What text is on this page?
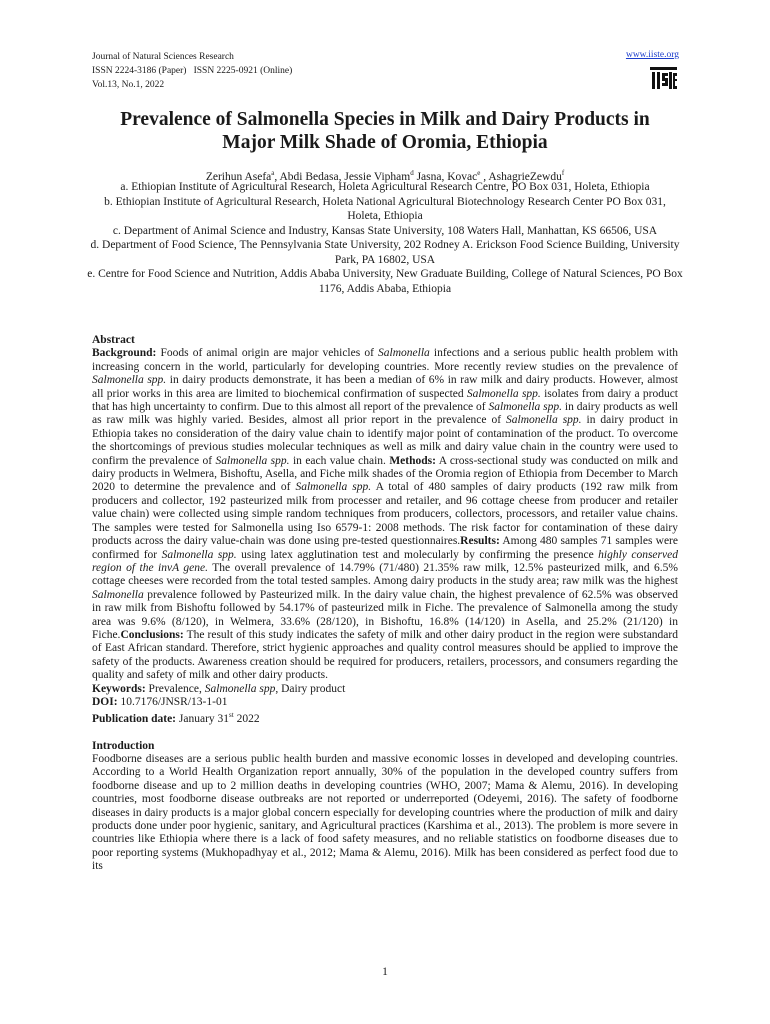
Journal of Natural Sciences Research
ISSN 2224-3186 (Paper)   ISSN 2225-0921 (Online)
Vol.13, No.1, 2022
www.iiste.org
Prevalence of Salmonella Species in Milk and Dairy Products in Major Milk Shade of Oromia, Ethiopia
Zerihun Asefa$^a$, Abdi Bedasa, Jessie Vipham$^d$ Jasna, Kovac$^e$ , AshagrieZewdu$^f$
a. Ethiopian Institute of Agricultural Research, Holeta Agricultural Research Centre, PO Box 031, Holeta, Ethiopia
b. Ethiopian Institute of Agricultural Research, Holeta National Agricultural Biotechnology Research Center PO Box 031, Holeta, Ethiopia
c. Department of Animal Science and Industry, Kansas State University, 108 Waters Hall, Manhattan, KS 66506, USA
d. Department of Food Science, The Pennsylvania State University, 202 Rodney A. Erickson Food Science Building, University Park, PA 16802, USA
e. Centre for Food Science and Nutrition, Addis Ababa University, New Graduate Building, College of Natural Sciences, PO Box 1176, Addis Ababa, Ethiopia

Abstract

Background: Foods of animal origin are major vehicles of Salmonella infections and a serious public health problem with increasing concern in the world, particularly for developing countries. More recently review studies on the prevalence of Salmonella spp. in dairy products demonstrate, it has been a median of 6% in raw milk and dairy products. However, almost all prior works in this area are limited to biochemical confirmation of suspected Salmonella spp. isolates from dairy a product that has high uncertainty to confirm. Due to this almost all report of the prevalence of Salmonella spp. in dairy products as well as raw milk was highly varied. Besides, almost all prior report in the prevalence of Salmonella spp. in dairy product in Ethiopia takes no consideration of the dairy value chain to identify major point of contamination of the product. To overcome the shortcomings of previous studies molecular techniques as well as milk and dairy value chain in the country were used to confirm the prevalence of Salmonella spp. in each value chain. Methods: A cross-sectional study was conducted on milk and dairy products in Welmera, Bishoftu, Asella, and Fiche milk shades of the Oromia region of Ethiopia from December to March 2020 to determine the prevalence and of Salmonella spp. A total of 480 samples of dairy products (192 raw milk from producers and collector, 192 pasteurized milk from processer and retailer, and 96 cottage cheese from producer and retailer value chain) were collected using simple random techniques from producers, collectors, processors, and retailer value chains. The samples were tested for Salmonella using Iso 6579-1: 2008 methods. The risk factor for contamination of these dairy products across the dairy value-chain was done using pre-tested questionnaires.Results: Among 480 samples 71 samples were confirmed for Salmonella spp. using latex agglutination test and molecularly by confirming the presence highly conserved region of the invA gene. The overall prevalence of 14.79% (71/480) 21.35% raw milk, 12.5% pasteurized milk, and 6.5% cottage cheeses were recorded from the total tested samples. Among dairy products in the study area; raw milk was the highest Salmonella prevalence followed by Pasteurized milk. In the dairy value chain, the highest prevalence of 62.5% was observed in raw milk from Bishoftu followed by 54.17% of pasteurized milk in Fiche. The prevalence of Salmonella among the study area was 9.6% (8/120), in Welmera, 33.6% (28/120), in Bishoftu, 16.8% (14/120) in Asella, and 25.2% (21/120) in Fiche.Conclusions: The result of this study indicates the safety of milk and other dairy product in the region were substandard of East African standard. Therefore, strict hygienic approaches and quality control measures should be applied to improve the safety of the products. Awareness creation should be required for producers, retailers, processors, and consumers regarding the quality and safety of milk and other dairy products.

Keywords: Prevalence, Salmonella spp, Dairy product

DOI: 10.7176/JNSR/13-1-01

Publication date: January 31st 2022

Introduction

Foodborne diseases are a serious public health burden and massive economic losses in developed and developing countries. According to a World Health Organization report annually, 30% of the population in the developed country suffers from foodborne disease and up to 2 million deaths in developing countries (WHO, 2007; Mama & Alemu, 2016). In developing countries, most foodborne disease outbreaks are not reported or underreported (Odeyemi, 2016). The safety of foodborne diseases in dairy products is a major global concern especially for developing countries where the production of milk and dairy products done under poor hygienic, sanitary, and Agricultural practices (Karshima et al., 2013). The problem is more severe in countries like Ethiopia where there is a lack of food safety measures, and no reliable statistics on foodborne diseases due to poor reporting systems (Mukhopadhyay et al., 2012; Mama & Alemu, 2016). Milk has been considered as perfect food due to its

1
